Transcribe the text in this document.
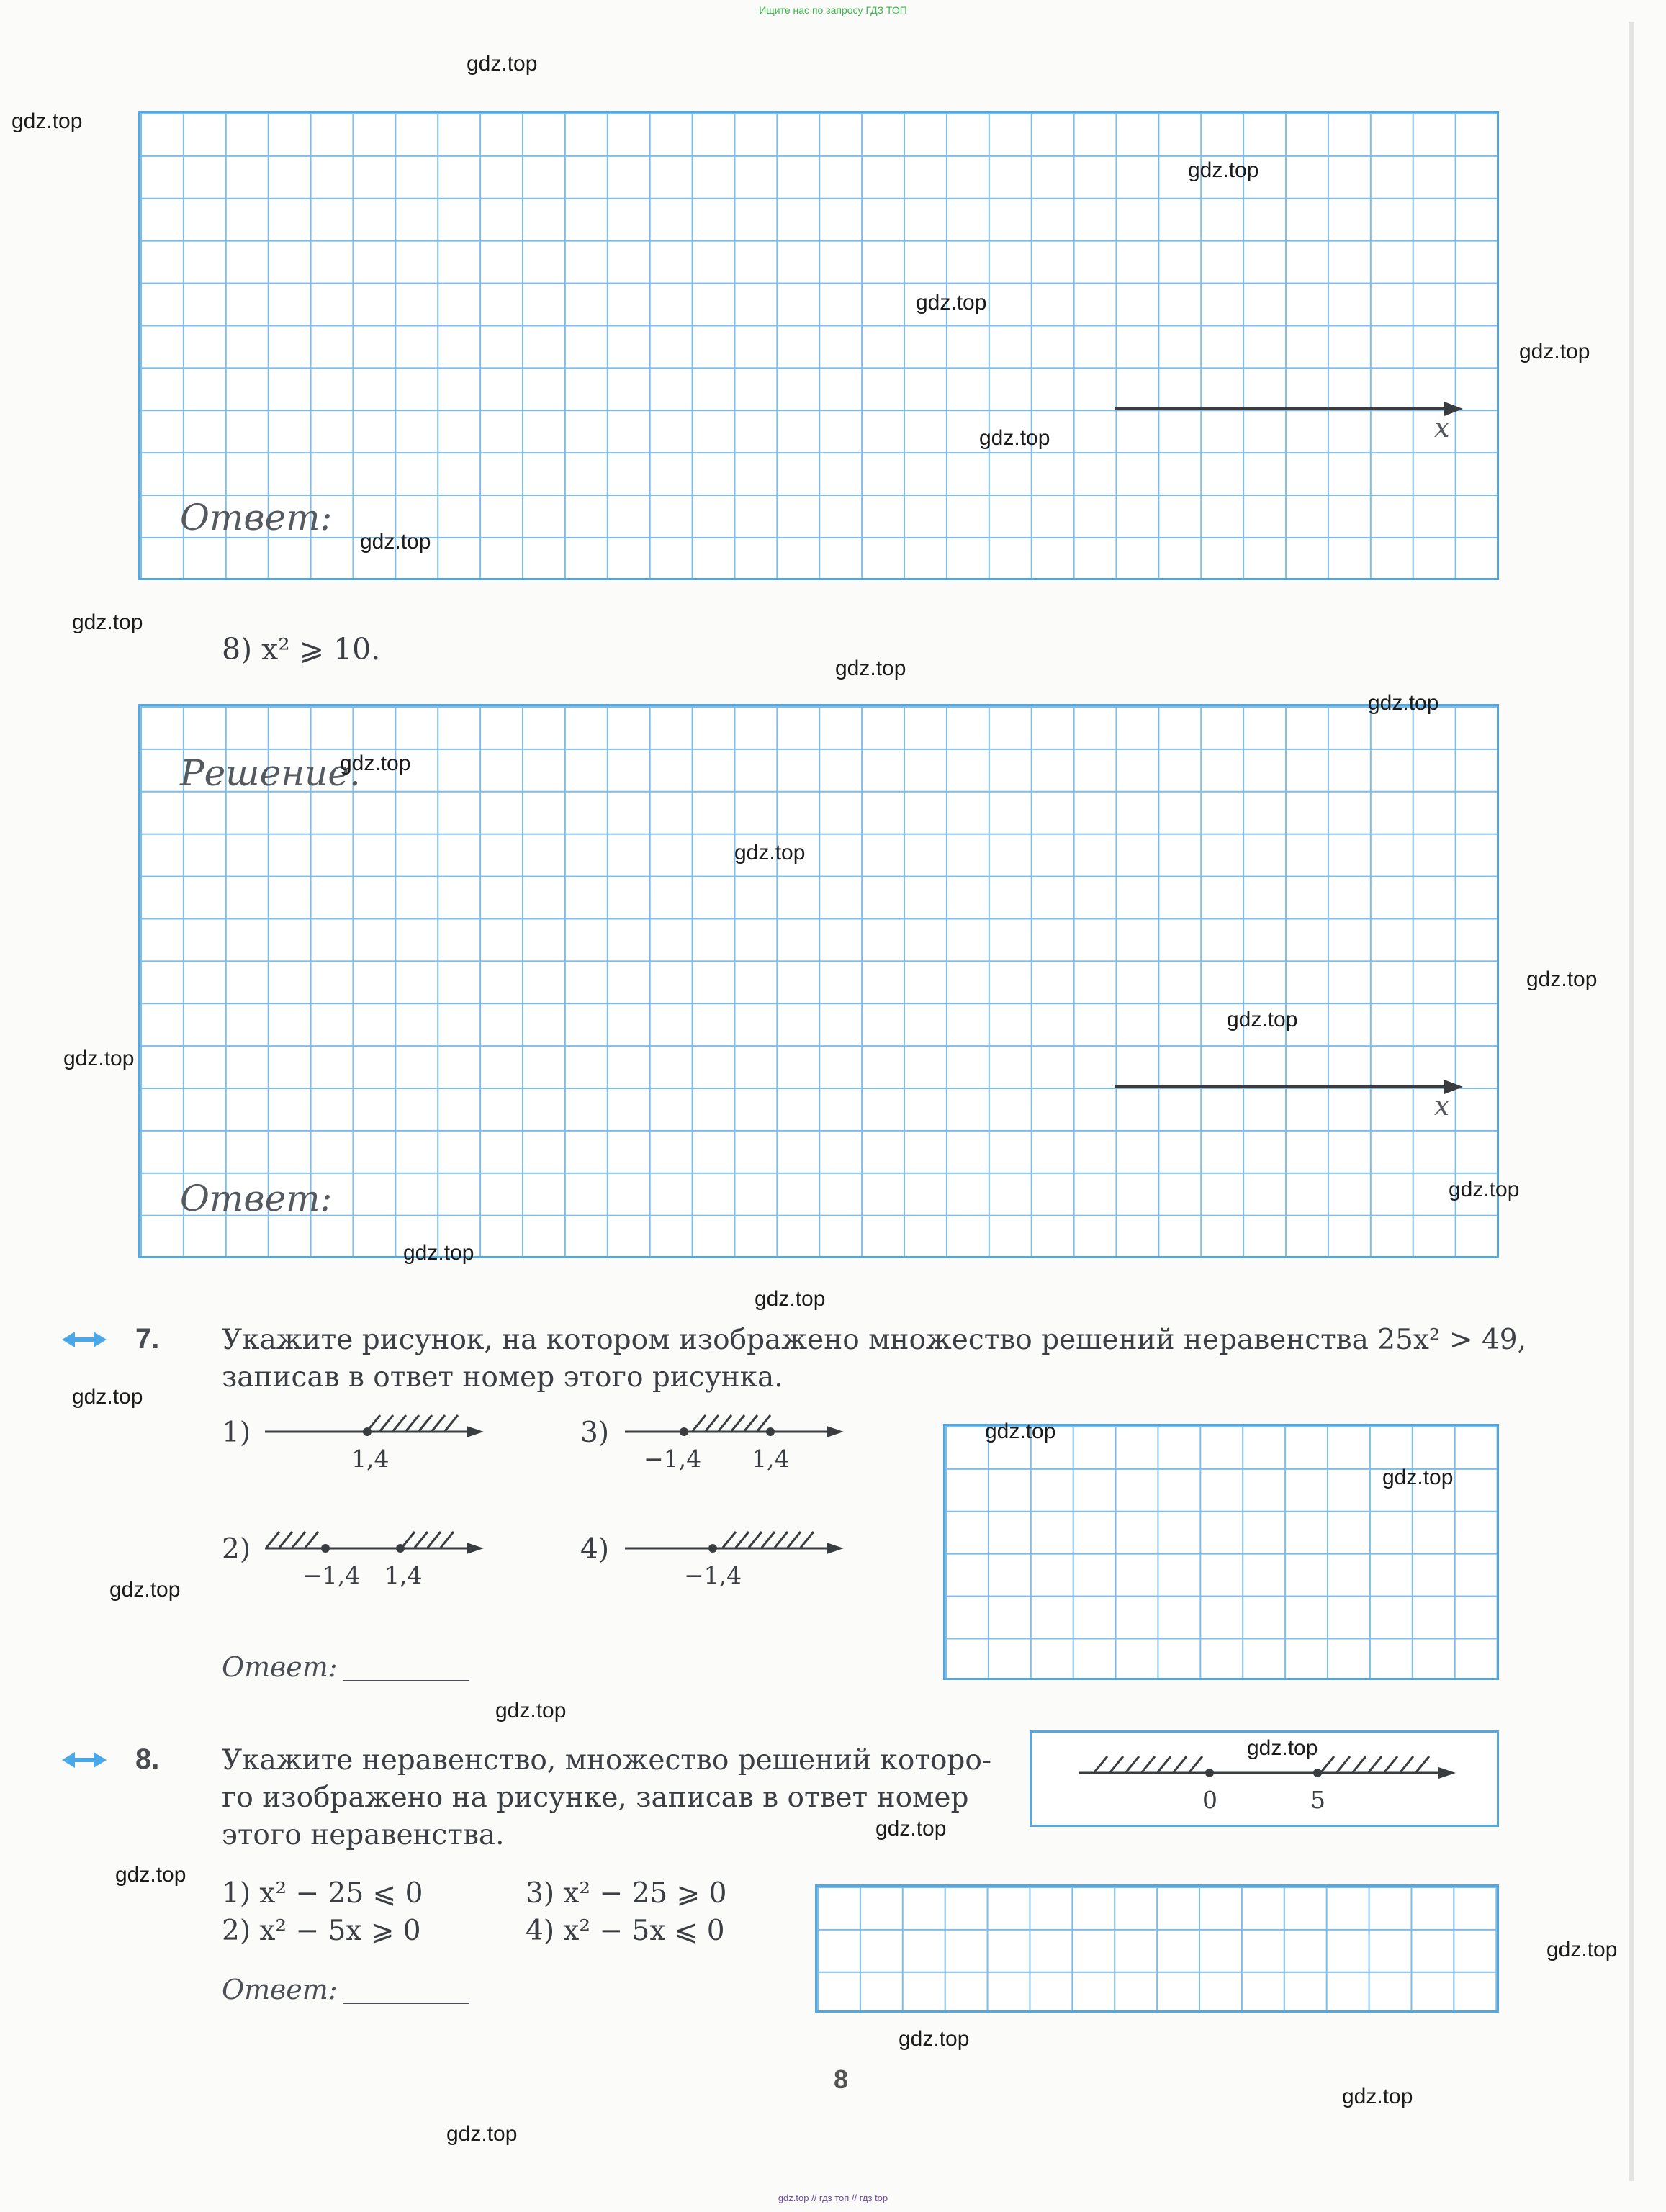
Ищите нас по запросу ГДЗ ТОП
x
Ответ:
8) x² ⩾ 10.
Решение.
x
Ответ:
7. Укажите рисунок, на котором изображено множество решений неравенства 25x² > 49,
записав в ответ номер этого рисунка.
1)
1,4
3)
−1,4 1,4
2)
−1,4 1,4
4)
−1,4
Ответ:
8. Укажите неравенство, множество решений которо-
го изображено на рисунке, записав в ответ номер
этого неравенства.
0	5
1) x² − 25 ⩽ 0	3) x² − 25 ⩾ 0
2) x² − 5x ⩾ 0	4) x² − 5x ⩽ 0
Ответ:
8
gdz.top
gdz.top
gdz.top
gdz.top
gdz.top
gdz.top
gdz.top
gdz.top
gdz.top
gdz.top
gdz.top
gdz.top
gdz.top
gdz.top
gdz.top
gdz.top
gdz.top
gdz.top
gdz.top
gdz.top
gdz.top
gdz.top
gdz.top
gdz.top
gdz.top
gdz.top
gdz.top
gdz.top
gdz.top
gdz.top
gdz.top // гдз топ // гдз top
